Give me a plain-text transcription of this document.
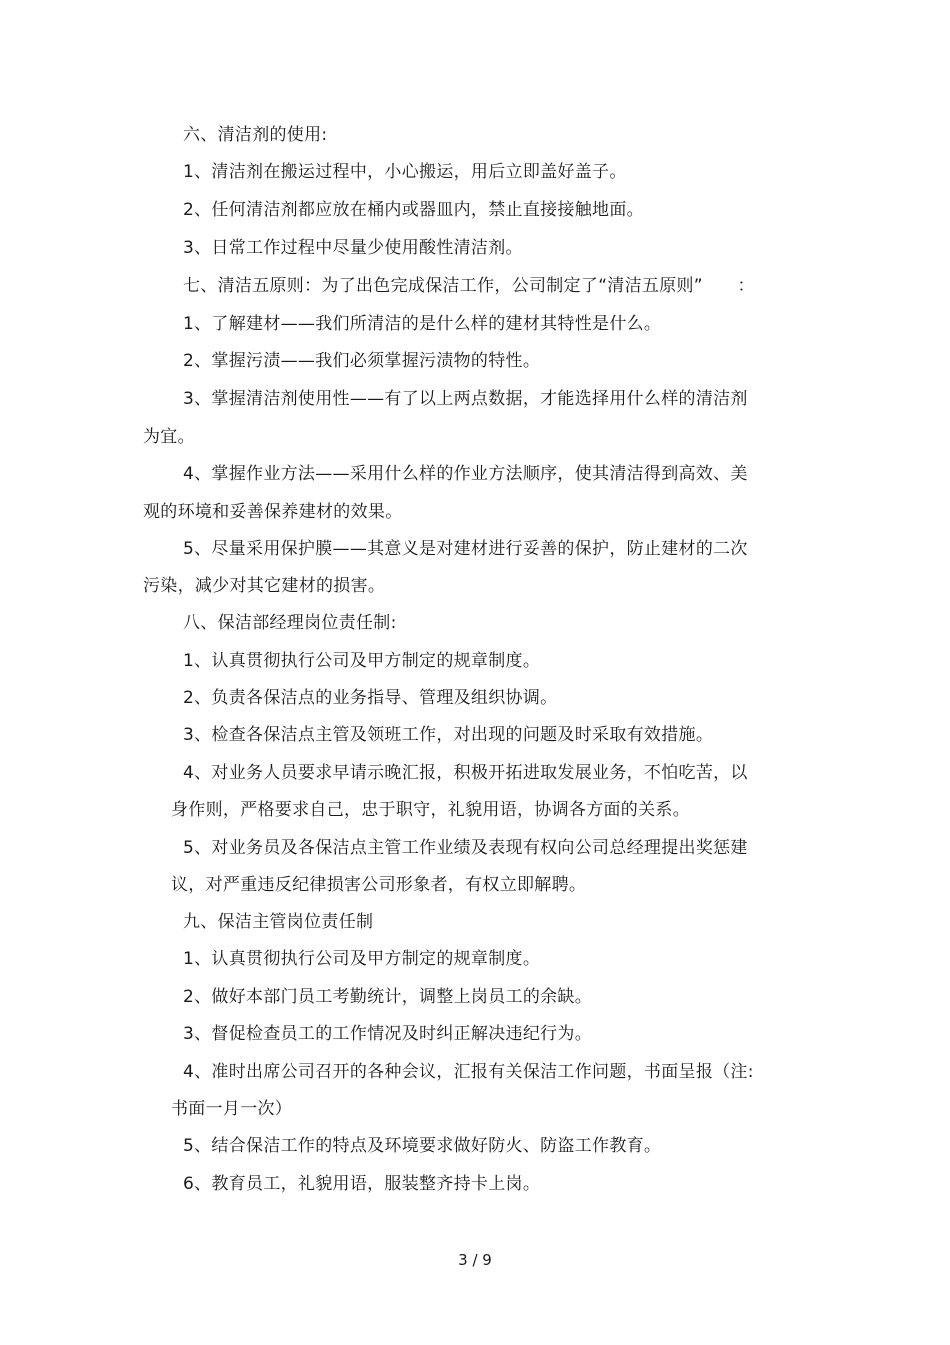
六、清洁剂的使用:
1、清洁剂在搬运过程中，小心搬运，用后立即盖好盖子。
2、任何清洁剂都应放在桶内或器皿内，禁止直接接触地面。
3、日常工作过程中尽量少使用酸性清洁剂。
七、清洁五原则：为了出色完成保洁工作，公司制定了“清洁五原则”　　：
1、了解建材——我们所清洁的是什么样的建材其特性是什么。
2、掌握污渍——我们必须掌握污渍物的特性。
3、掌握清洁剂使用性——有了以上两点数据，才能选择用什么样的清洁剂
为宜。
4、掌握作业方法——采用什么样的作业方法顺序，使其清洁得到高效、美
观的环境和妥善保养建材的效果。
5、尽量采用保护膜——其意义是对建材进行妥善的保护，防止建材的二次
污染，减少对其它建材的损害。
八、保洁部经理岗位责任制:
1、认真贯彻执行公司及甲方制定的规章制度。
2、负责各保洁点的业务指导、管理及组织协调。
3、检查各保洁点主管及领班工作，对出现的问题及时采取有效措施。
4、对业务人员要求早请示晚汇报，积极开拓进取发展业务，不怕吃苦，以
身作则，严格要求自己，忠于职守，礼貌用语，协调各方面的关系。
5、对业务员及各保洁点主管工作业绩及表现有权向公司总经理提出奖惩建
议，对严重违反纪律损害公司形象者，有权立即解聘。
九、保洁主管岗位责任制
1、认真贯彻执行公司及甲方制定的规章制度。
2、做好本部门员工考勤统计，调整上岗员工的余缺。
3、督促检查员工的工作情况及时纠正解决违纪行为。
4、准时出席公司召开的各种会议，汇报有关保洁工作问题，书面呈报（注:
书面一月一次）
5、结合保洁工作的特点及环境要求做好防火、防盗工作教育。
6、教育员工，礼貌用语，服装整齐持卡上岗。
3 / 9
